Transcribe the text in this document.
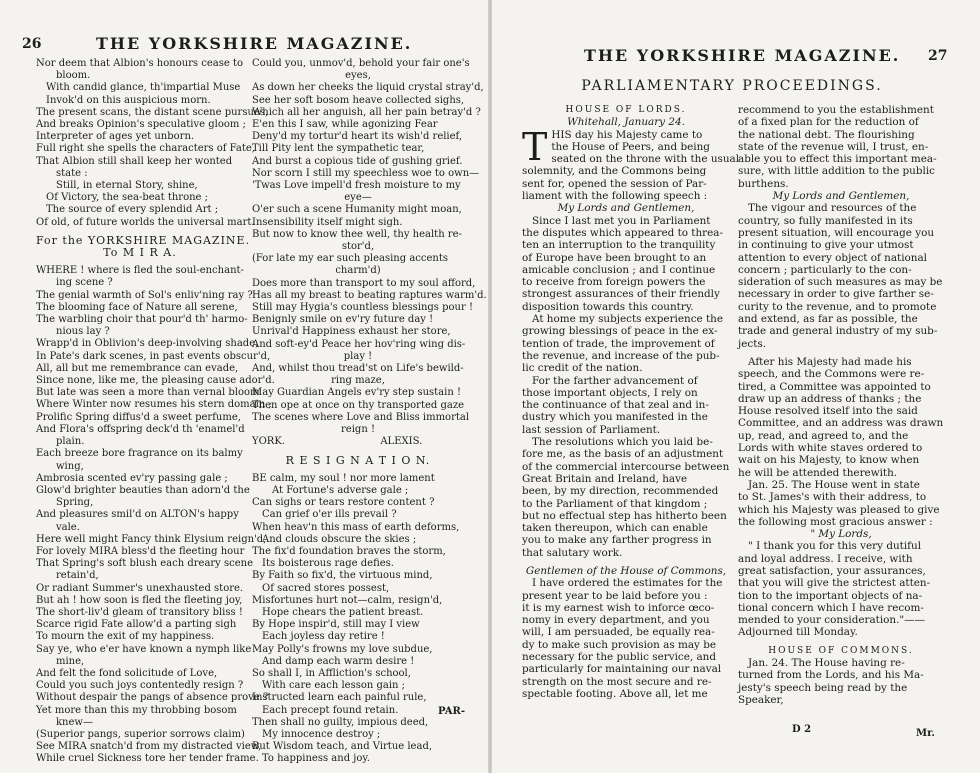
26	THE YORKSHIRE MAGAZINE.
Nor deem that Albion's honours cease to
bloom.
With candid glance, th'impartial Muse
Invok'd on this auspicious morn.
The present scans, the distant scene pursues,
And breaks Opinion's speculative gloom ;
Interpreter of ages yet unborn.
Full right she spells the characters of Fate,
That Albion still shall keep her wonted
state :
Still, in eternal Story, shine,
Of Victory, the sea-beat throne ;
The source of every splendid Art ;
Of old, of future worlds the universal mart.
For the YORKSHIRE MAGAZINE.
To M I R A.
WHERE ! where is fled the soul-enchant-
ing scene ?
The genial warmth of Sol's enliv'ning ray ?
The blooming face of Nature all serene,
The warbling choir that pour'd th' harmo-
nious lay ?
Wrapp'd in Oblivion's deep-involving shade,
In Pate's dark scenes, in past events obscur'd,
All, all but me remembrance can evade,
Since none, like me, the pleasing cause ador'd.
But late was seen a more than vernal bloom
Where Winter now resumes his stern domain ;
Prolific Spring diffus'd a sweet perfume,
And Flora's offspring deck'd th 'enamel'd
plain.
Each breeze bore fragrance on its balmy
wing,
Ambrosia scented ev'ry passing gale ;
Glow'd brighter beauties than adorn'd the
Spring,
And pleasures smil'd on ALTON's happy
vale.
Here well might Fancy think Elysium reign'd,
For lovely MIRA bless'd the fleeting hour
That Spring's soft blush each dreary scene
retain'd,
Or radiant Summer's unexhausted store.
But ah ! how soon is fled the fleeting joy,
The short-liv'd gleam of transitory bliss !
Scarce rigid Fate allow'd a parting sigh
To mourn the exit of my happiness.
Say ye, who e'er have known a nymph like
mine,
And felt the fond solicitude of Love,
Could you such joys contentedly resign ?
Without despair the pangs of absence prove ?
Yet more than this my throbbing bosom
knew—
(Superior pangs, superior sorrows claim)
See MIRA snatch'd from my distracted view,
While cruel Sickness tore her tender frame.
Could you, unmov'd, behold your fair one's
eyes,
As down her cheeks the liquid crystal stray'd,
See her soft bosom heave collected sighs,
Which all her anguish, all her pain betray'd ?
E'en this I saw, while agonizing Fear
Deny'd my tortur'd heart its wish'd relief,
Till Pity lent the sympathetic tear,
And burst a copious tide of gushing grief.
Nor scorn I still my speechless woe to own—
'Twas Love impell'd fresh moisture to my
eye—
O'er such a scene Humanity might moan,
Insensibility itself might sigh.
But now to know thee well, thy health re-
stor'd,
(For late my ear such pleasing accents
charm'd)
Does more than transport to my soul afford,
Has all my breast to beating raptures warm'd.
Still may Hygia's countless blessings pour !
Benignly smile on ev'ry future day !
Unrival'd Happiness exhaust her store,
And soft-ey'd Peace her hov'ring wing dis-
play !
And, whilst thou tread'st on Life's bewild-
ring maze,
May Guardian Angels ev'ry step sustain !
Then ope at once on thy transported gaze
The scenes where Love and Bliss immortal
reign !
YORK.                              ALEXIS.
R E S I G N A T I O N.
BE calm, my soul ! nor more lament
At Fortune's adverse gale ;
Can sighs or tears restore content ?
Can grief o'er ills prevail ?
When heav'n this mass of earth deforms,
And clouds obscure the skies ;
The fix'd foundation braves the storm,
Its boisterous rage defies.
By Faith so fix'd, the virtuous mind,
Of sacred stores possest,
Misfortunes hurt not—calm, resign'd,
Hope chears the patient breast.
By Hope inspir'd, still may I view
Each joyless day retire !
May Polly's frowns my love subdue,
And damp each warm desire !
So shall I, in Affliction's school,
With care each lesson gain ;
Instructed learn each painful rule,
Each precept found retain.
Then shall no guilty, impious deed,
My innocence destroy ;
But Wisdom teach, and Virtue lead,
To happiness and joy.
PAR-
THE YORKSHIRE MAGAZINE. 27
PARLIAMENTARY PROCEEDINGS.
HOUSE OF LORDS.
Whitehall, January 24.
T HIS day his Majesty came to
the House of Peers, and being
seated on the throne with the usual
solemnity, and the Commons being
sent for, opened the session of Par-
liament with the following speech :
My Lords and Gentlemen,
Since I last met you in Parliament
the disputes which appeared to threa-
ten an interruption to the tranquility
of Europe have been brought to an
amicable conclusion ; and I continue
to receive from foreign powers the
strongest assurances of their friendly
disposition towards this country.
At home my subjects experience the
growing blessings of peace in the ex-
tention of trade, the improvement of
the revenue, and increase of the pub-
lic credit of the nation.
For the farther advancement of
those important objects, I rely on
the continuance of that zeal and in-
dustry which you manifested in the
last session of Parliament.
The resolutions which you laid be-
fore me, as the basis of an adjustment
of the commercial intercourse between
Great Britain and Ireland, have
been, by my direction, recommended
to the Parliament of that kingdom ;
but no effectual step has hitherto been
taken thereupon, which can enable
you to make any farther progress in
that salutary work.
Gentlemen of the House of Commons,
I have ordered the estimates for the
present year to be laid before you :
it is my earnest wish to inforce œco-
nomy in every department, and you
will, I am persuaded, be equally rea-
dy to make such provision as may be
necessary for the public service, and
particularly for maintaining our naval
strength on the most secure and re-
spectable footing. Above all, let me
recommend to you the establishment
of a fixed plan for the reduction of
the national debt. The flourishing
state of the revenue will, I trust, en-
able you to effect this important mea-
sure, with little addition to the public
burthens.
My Lords and Gentlemen,
The vigour and resources of the
country, so fully manifested in its
present situation, will encourage you
in continuing to give your utmost
attention to every object of national
concern ; particularly to the con-
sideration of such measures as may be
necessary in order to give farther se-
curity to the revenue, and to promote
and extend, as far as possible, the
trade and general industry of my sub-
jects.
After his Majesty had made his
speech, and the Commons were re-
tired, a Committee was appointed to
draw up an address of thanks ; the
House resolved itself into the said
Committee, and an address was drawn
up, read, and agreed to, and the
Lords with white staves ordered to
wait on his Majesty, to know when
he will be attended therewith.
Jan. 25. The House went in state
to St. James's with their address, to
which his Majesty was pleased to give
the following most gracious answer :
" My Lords,
" I thank you for this very dutiful
and loyal address. I receive, with
great satisfaction, your assurances,
that you will give the strictest atten-
tion to the important objects of na-
tional concern which I have recom-
mended to your consideration."——
Adjourned till Monday.
HOUSE OF COMMONS.
Jan. 24. The House having re-
turned from the Lords, and his Ma-
jesty's speech being read by the
Speaker,
D 2	Mr.
